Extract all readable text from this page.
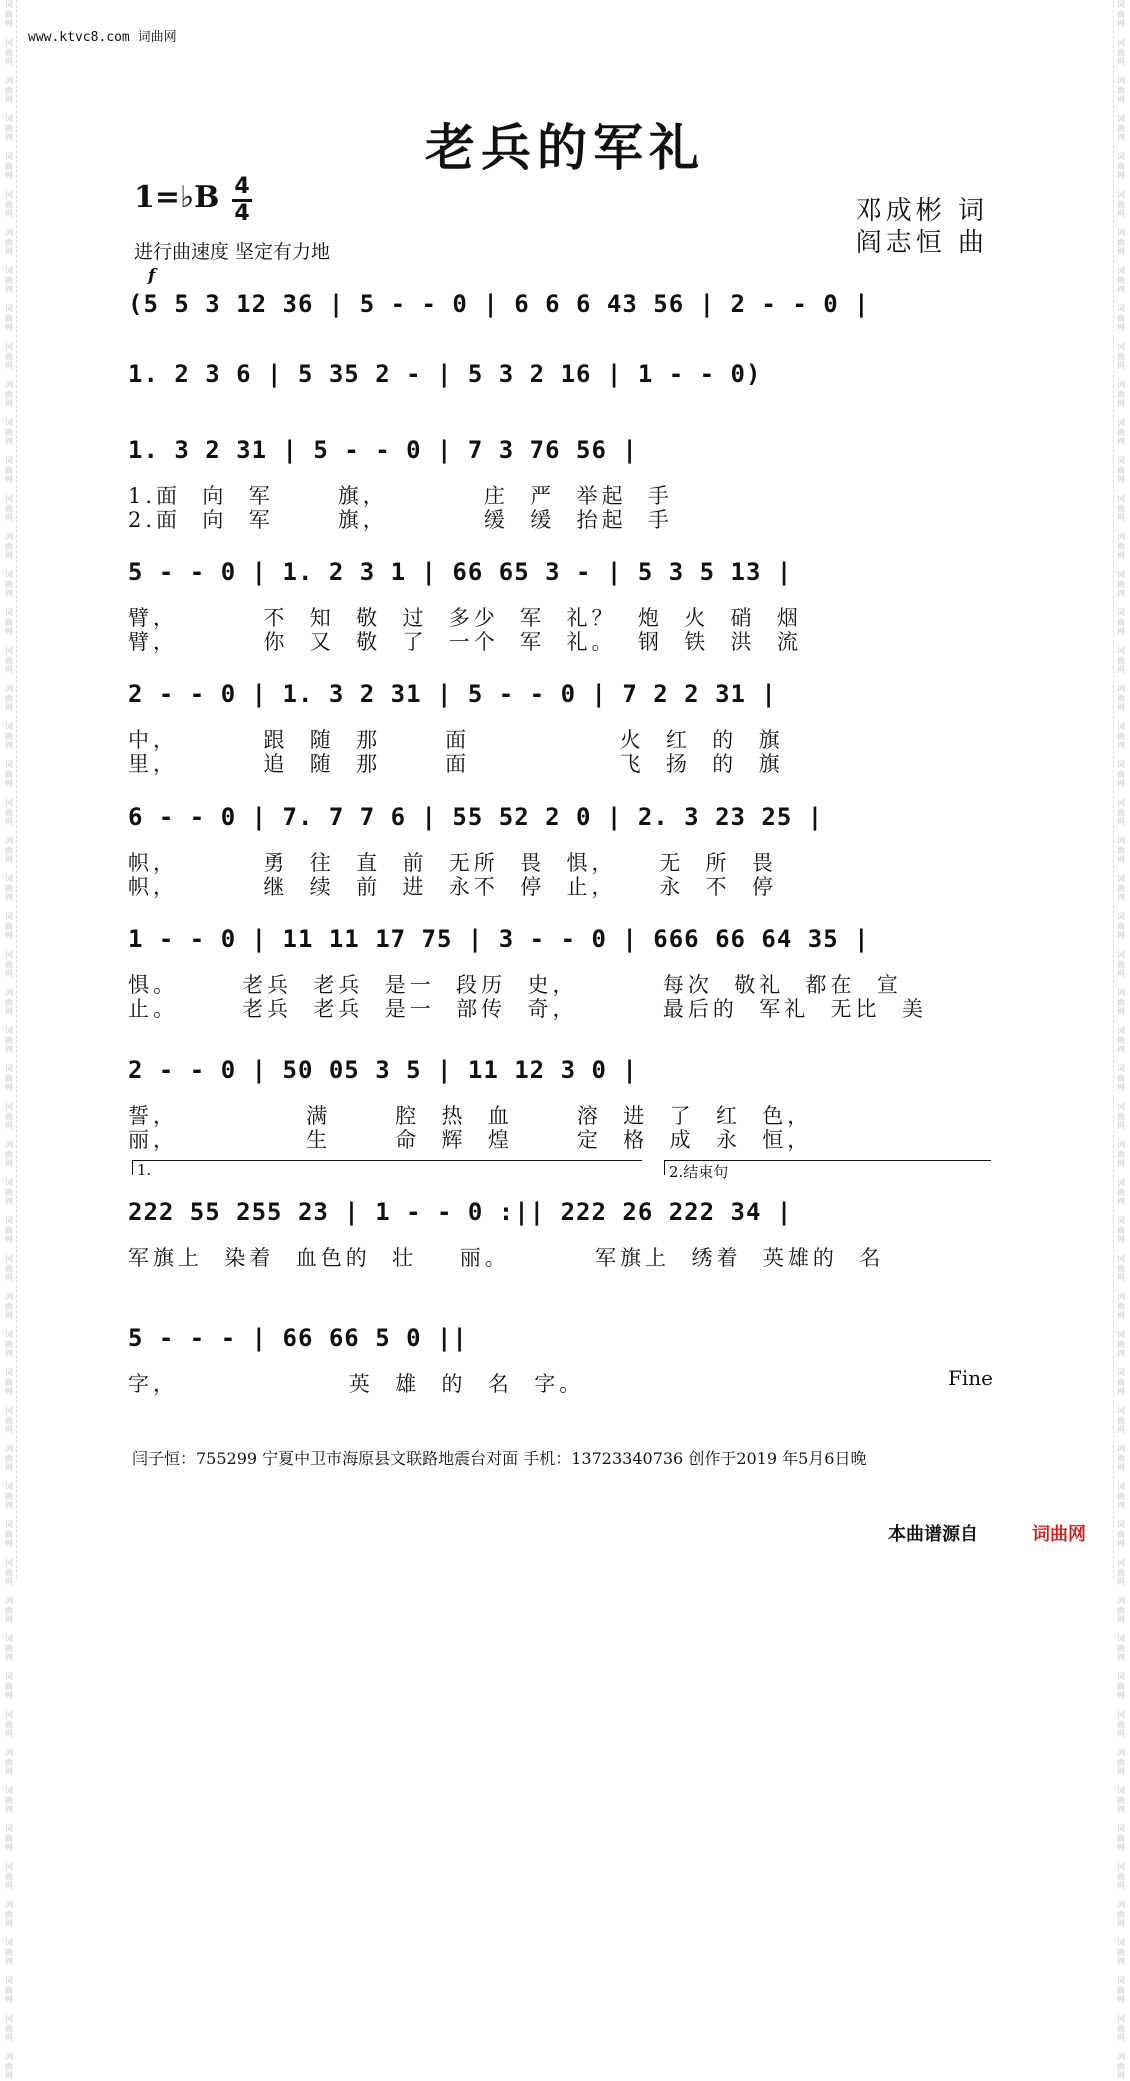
词
曲
网

词
曲
网

词
曲
网

词
曲
网

词
曲
网

词
曲
网

词
曲
网

词
曲
网

词
曲
网

词
曲
网

词
曲
网

词
曲
网

词
曲
网

词
曲
网

词
曲
网

词
曲
网

词
曲
网

词
曲
网

词
曲
网

词
曲
网

词
曲
网

词
曲
网

词
曲
网

词
曲
网

词
曲
网

词
曲
网

词
曲
网

词
曲
网

词
曲
网

词
曲
网

词
曲
网

词
曲
网

词
曲
网

词
曲
网

词
曲
网

词
曲
网

词
曲
网

词
曲
网

词
曲
网

词
曲
网

词
曲
网

词
曲
网

词
曲
网

词
曲
网

词
曲
网

词
曲
网

词
曲
网

词
曲
网

词
曲
网

词
曲
网

词
曲
网

词
曲
网

词
曲
网

词
曲
网

词
曲
网

词
曲
网

词
曲
网

词
曲
网

词
曲
网

词
曲
网

词
曲
网

词
曲
网

词
曲
网

词
曲
网

词
曲
网

词
曲
网

词
曲
网

词
曲
网

词
曲
网

词
曲
网

词
曲
网

词
曲
网

词
曲
网

词
曲
网

词
曲
网

词
曲
网

词
曲
网

词
曲
网

词
曲
网

词
曲
网

词
曲
网

词
曲
网

词
曲
网

词
曲
网

词
曲
网

词
曲
网

词
曲
网

词
曲
网

词
曲
网

词
曲
网

词
曲
网

词
曲
网

词
曲
网

词
曲
网

词
曲
网

词
曲
网

词
曲
网

词
曲
网

词
曲
网

词
曲
网

词
曲
网

词
曲
网

词
曲
网

词
曲
网

词
曲
网

词
曲
网

词
曲
网

词
曲
网

词
曲
网

词
曲
网

www.ktvc8.com 词曲网
老兵的军礼
1=♭B 4
4
进行曲速度 坚定有力地
邓成彬 词
阎志恒 曲
f
(5 5 3 12 36 | 5 - - 0 | 6 6 6 43 56 | 2 - - 0 |
1. 2 3 6 | 5 35 2 - | 5 3 2 16 | 1 - - 0)
1. 3 2 31 | 5 - - 0 | 7 3 76 56 |
1.面  向  军      旗，         庄  严  举起  手
2.面  向  军      旗，         缓  缓  抬起  手
5 - - 0 | 1. 2 3 1 | 66 65 3 - | 5 3 5 13 |
臂，        不  知  敬  过  多少  军  礼？  炮  火  硝  烟
臂，        你  又  敬  了  一个  军  礼。  钢  铁  洪  流
2 - - 0 | 1. 3 2 31 | 5 - - 0 | 7 2 2 31 |
中，        跟  随  那      面              火  红  的  旗
里，        追  随  那      面              飞  扬  的  旗
6 - - 0 | 7. 7 7 6 | 55 52 2 0 | 2. 3 23 25 |
帜，        勇  往  直  前  无所  畏  惧，    无  所  畏
帜，        继  续  前  进  永不  停  止，    永  不  停
1 - - 0 | 11 11 17 75 | 3 - - 0 | 666 66 64 35 |
惧。      老兵  老兵  是一  段历  史，        每次  敬礼  都在  宣
止。      老兵  老兵  是一  部传  奇，        最后的  军礼  无比  美
2 - - 0 | 50 05 3 5 | 11 12 3 0 |
誓，            满      腔  热  血      溶  进  了  红  色，
丽，            生      命  辉  煌      定  格  成  永  恒，
222 55 255 23 | 1 - - 0 :|| 222 26 222 34 |
军旗上  染着  血色的  壮    丽。        军旗上  绣着  英雄的  名
5 - - - | 66 66 5 0 ||
字，                英  雄  的  名  字。
1.	2.结束句
Fine
闫子恒：755299 宁夏中卫市海原县文联路地震台对面 手机：13723340736 创作于2019 年5月6日晚
本曲谱源自	词曲网
